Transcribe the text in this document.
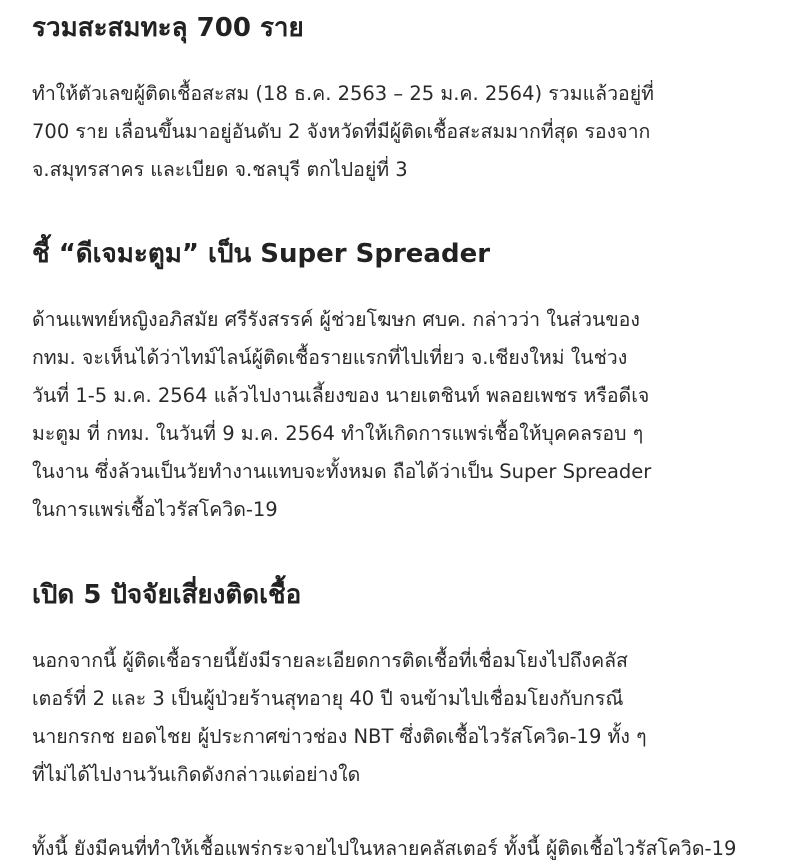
รวมสะสมทะลุ 700 ราย

ทำให้ตัวเลขผู้ติดเชื้อสะสม (18 ธ.ค. 2563 – 25 ม.ค. 2564) รวมแล้วอยู่ที่
700 ราย เลื่อนขึ้นมาอยู่อันดับ 2 จังหวัดที่มีผู้ติดเชื้อสะสมมากที่สุด รองจาก
จ.สมุทรสาคร และเบียด จ.ชลบุรี ตกไปอยู่ที่ 3

ชี้ “ดีเจมะตูม” เป็น Super Spreader

ด้านแพทย์หญิงอภิสมัย ศรีรังสรรค์ ผู้ช่วยโฆษก ศบค. กล่าวว่า ในส่วนของ
กทม. จะเห็นได้ว่าไทม์ไลน์ผู้ติดเชื้อรายแรกที่ไปเที่ยว จ.เชียงใหม่ ในช่วง
วันที่ 1-5 ม.ค. 2564 แล้วไปงานเลี้ยงของ นายเตชินท์ พลอยเพชร หรือดีเจ
มะตูม ที่ กทม. ในวันที่ 9 ม.ค. 2564 ทำให้เกิดการแพร่เชื้อให้บุคคลรอบ ๆ
ในงาน ซึ่งล้วนเป็นวัยทำงานแทบจะทั้งหมด ถือได้ว่าเป็น Super Spreader
ในการแพร่เชื้อไวรัสโควิด-19

เปิด 5 ปัจจัยเสี่ยงติดเชื้อ

นอกจากนี้ ผู้ติดเชื้อรายนี้ยังมีรายละเอียดการติดเชื้อที่เชื่อมโยงไปถึงคลัส
เตอร์ที่ 2 และ 3 เป็นผู้ป่วยร้านสุทอายุ 40 ปี จนข้ามไปเชื่อมโยงกับกรณี
นายกรกช ยอดไชย ผู้ประกาศข่าวช่อง NBT ซึ่งติดเชื้อไวรัสโควิด-19 ทั้ง ๆ
ที่ไม่ได้ไปงานวันเกิดดังกล่าวแต่อย่างใด

ทั้งนี้ ยังมีคนที่ทำให้เชื้อแพร่กระจายไปในหลายคลัสเตอร์ ทั้งนี้ ผู้ติดเชื้อไวรัสโควิด-19
